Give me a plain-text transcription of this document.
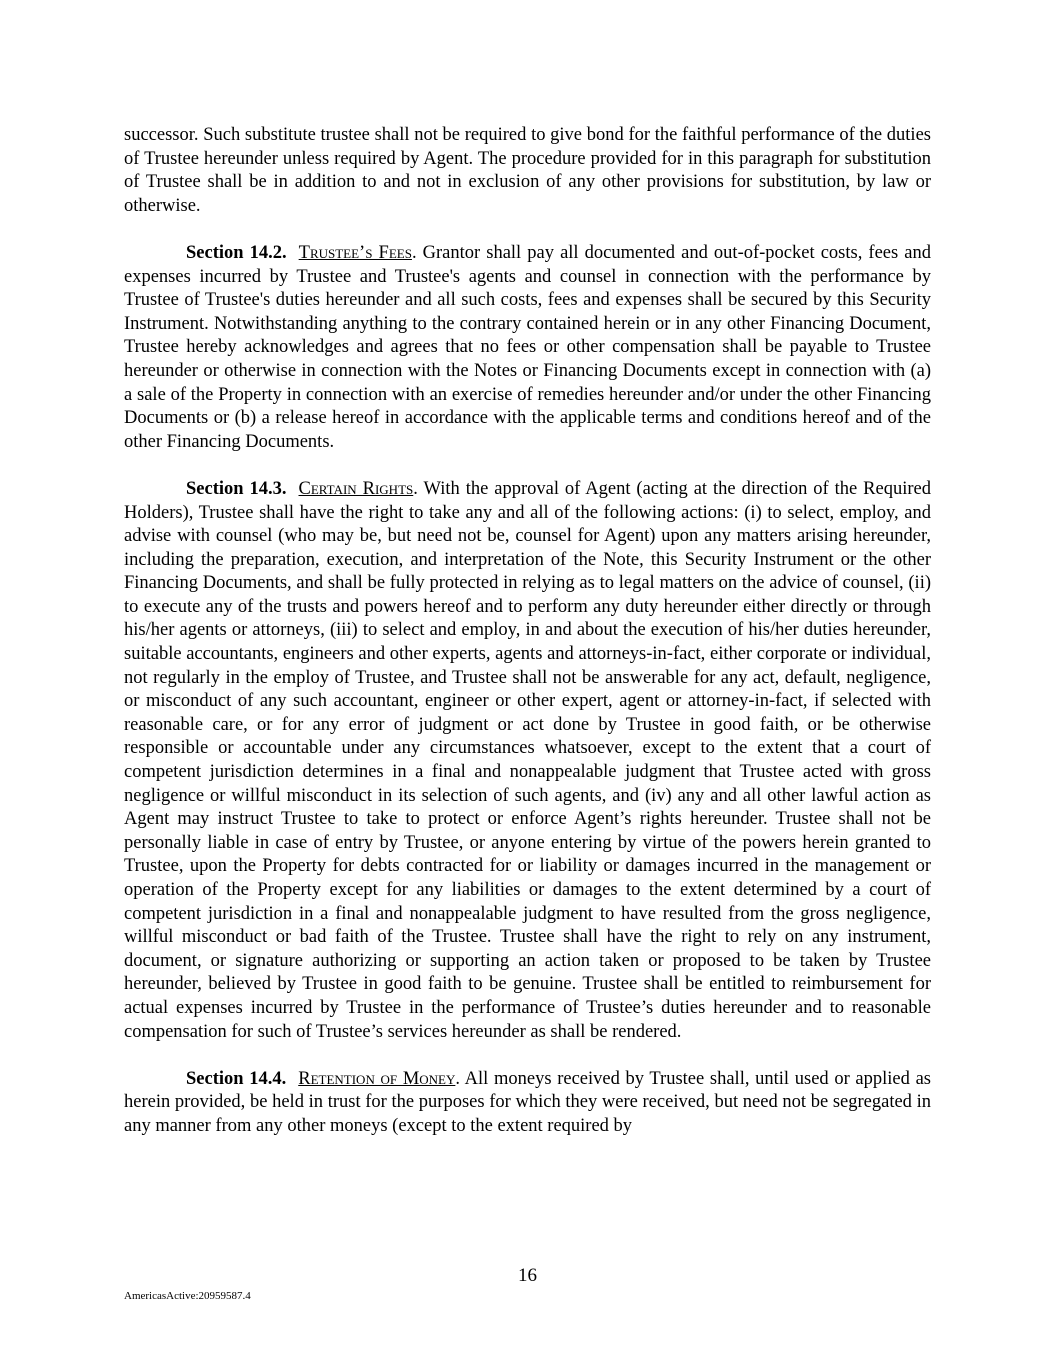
successor. Such substitute trustee shall not be required to give bond for the faithful performance of the duties of Trustee hereunder unless required by Agent. The procedure provided for in this paragraph for substitution of Trustee shall be in addition to and not in exclusion of any other provisions for substitution, by law or otherwise.

Section 14.2. Trustee’s Fees. Grantor shall pay all documented and out-of-pocket costs, fees and expenses incurred by Trustee and Trustee's agents and counsel in connection with the performance by Trustee of Trustee's duties hereunder and all such costs, fees and expenses shall be secured by this Security Instrument. Notwithstanding anything to the contrary contained herein or in any other Financing Document, Trustee hereby acknowledges and agrees that no fees or other compensation shall be payable to Trustee hereunder or otherwise in connection with the Notes or Financing Documents except in connection with (a) a sale of the Property in connection with an exercise of remedies hereunder and/or under the other Financing Documents or (b) a release hereof in accordance with the applicable terms and conditions hereof and of the other Financing Documents.

Section 14.3. Certain Rights. With the approval of Agent (acting at the direction of the Required Holders), Trustee shall have the right to take any and all of the following actions: (i) to select, employ, and advise with counsel (who may be, but need not be, counsel for Agent) upon any matters arising hereunder, including the preparation, execution, and interpretation of the Note, this Security Instrument or the other Financing Documents, and shall be fully protected in relying as to legal matters on the advice of counsel, (ii) to execute any of the trusts and powers hereof and to perform any duty hereunder either directly or through his/her agents or attorneys, (iii) to select and employ, in and about the execution of his/her duties hereunder, suitable accountants, engineers and other experts, agents and attorneys-in-fact, either corporate or individual, not regularly in the employ of Trustee, and Trustee shall not be answerable for any act, default, negligence, or misconduct of any such accountant, engineer or other expert, agent or attorney-in-fact, if selected with reasonable care, or for any error of judgment or act done by Trustee in good faith, or be otherwise responsible or accountable under any circumstances whatsoever, except to the extent that a court of competent jurisdiction determines in a final and nonappealable judgment that Trustee acted with gross negligence or willful misconduct in its selection of such agents, and (iv) any and all other lawful action as Agent may instruct Trustee to take to protect or enforce Agent’s rights hereunder. Trustee shall not be personally liable in case of entry by Trustee, or anyone entering by virtue of the powers herein granted to Trustee, upon the Property for debts contracted for or liability or damages incurred in the management or operation of the Property except for any liabilities or damages to the extent determined by a court of competent jurisdiction in a final and nonappealable judgment to have resulted from the gross negligence, willful misconduct or bad faith of the Trustee. Trustee shall have the right to rely on any instrument, document, or signature authorizing or supporting an action taken or proposed to be taken by Trustee hereunder, believed by Trustee in good faith to be genuine. Trustee shall be entitled to reimbursement for actual expenses incurred by Trustee in the performance of Trustee’s duties hereunder and to reasonable compensation for such of Trustee’s services hereunder as shall be rendered.

Section 14.4. Retention of Money. All moneys received by Trustee shall, until used or applied as herein provided, be held in trust for the purposes for which they were received, but need not be segregated in any manner from any other moneys (except to the extent required by

16
AmericasActive:20959587.4
